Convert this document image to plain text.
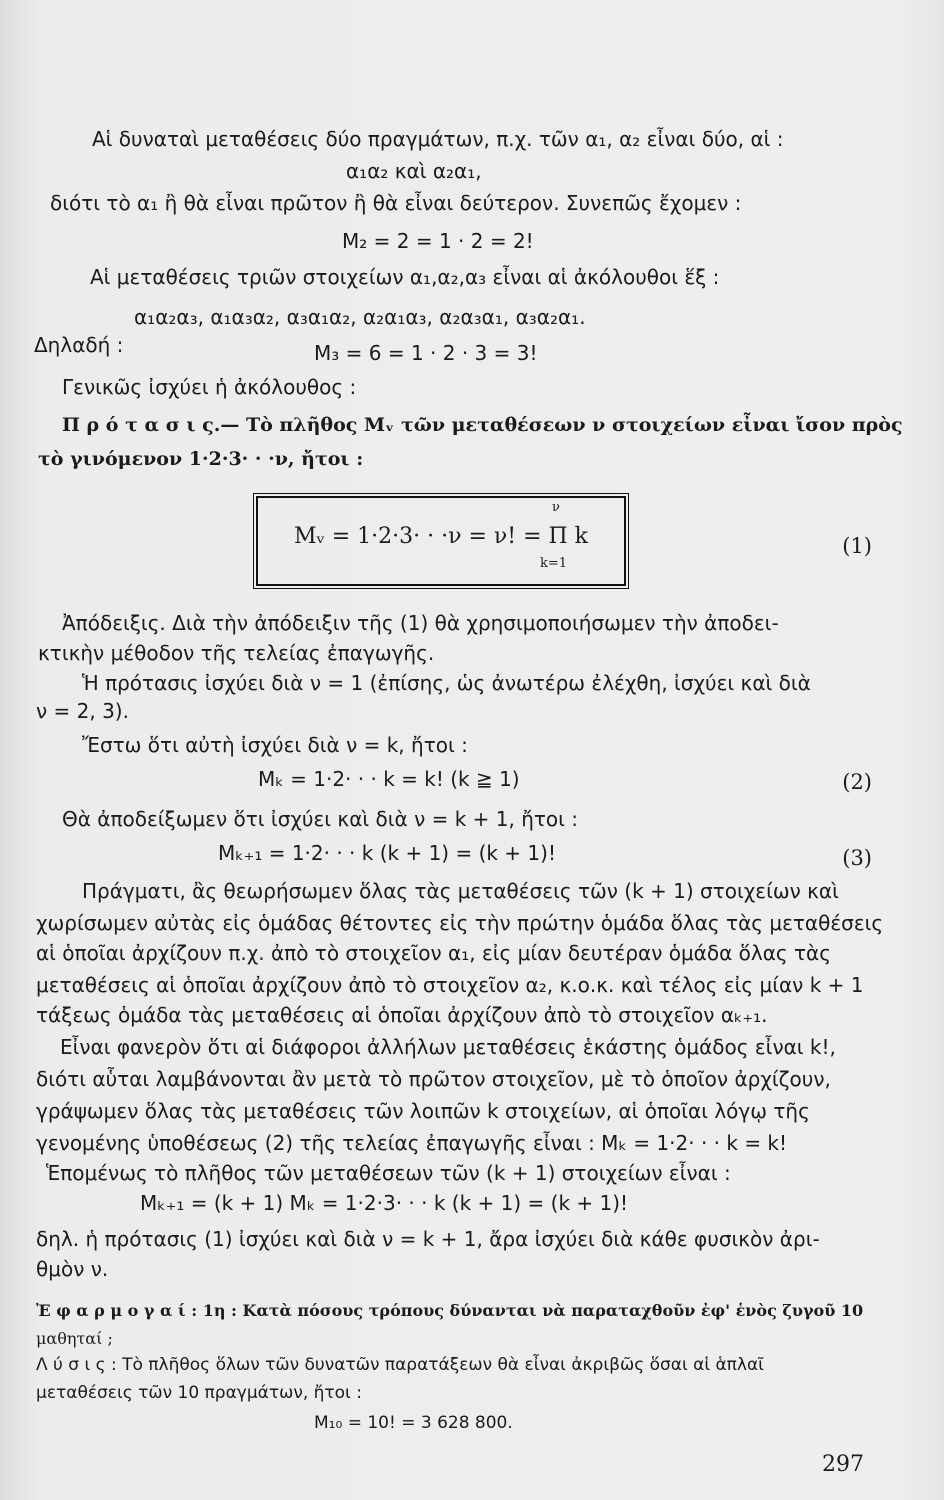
Αἱ δυναταὶ μεταθέσεις δύο πραγμάτων, π.χ. τῶν α₁, α₂ εἶναι δύο, αἱ :
α₁α₂ καὶ α₂α₁,
διότι τὸ α₁ ἢ θὰ εἶναι πρῶτον ἢ θὰ εἶναι δεύτερον. Συνεπῶς ἔχομεν :
M₂ = 2 = 1 · 2 = 2!
Αἱ μεταθέσεις τριῶν στοιχείων α₁,α₂,α₃ εἶναι αἱ ἀκόλουθοι ἕξ :
α₁α₂α₃, α₁α₃α₂, α₃α₁α₂, α₂α₁α₃, α₂α₃α₁, α₃α₂α₁.
Δηλαδή :	M₃ = 6 = 1 · 2 · 3 = 3!
Γενικῶς ἰσχύει ἡ ἀκόλουθος :
Π ρ ό τ α σ ι ς.— Τὸ πλῆθος Mᵥ τῶν μεταθέσεων ν στοιχείων εἶναι ἴσον πρὸς
τὸ γινόμενον 1·2·3· · ·ν, ἤτοι :
ν
Mᵥ = 1·2·3· · ·ν = ν! = Π k
k=1
(1)
Ἀπόδειξις. Διὰ τὴν ἀπόδειξιν τῆς (1) θὰ χρησιμοποιήσωμεν τὴν ἀποδει-
κτικὴν μέθοδον τῆς τελείας ἐπαγωγῆς.
Ἡ πρότασις ἰσχύει διὰ ν = 1 (ἐπίσης, ὡς ἀνωτέρω ἐλέχθη, ἰσχύει καὶ διὰ
ν = 2, 3).
Ἔστω ὅτι αὐτὴ ἰσχύει διὰ ν = k, ἤτοι :
Mₖ = 1·2· · · k = k! (k ≧ 1)	(2)
Θὰ ἀποδείξωμεν ὅτι ἰσχύει καὶ διὰ ν = k + 1, ἤτοι :
Mₖ₊₁ = 1·2· · · k (k + 1) = (k + 1)!	(3)
Πράγματι, ἂς θεωρήσωμεν ὅλας τὰς μεταθέσεις τῶν (k + 1) στοιχείων καὶ
χωρίσωμεν αὐτὰς εἰς ὁμάδας θέτοντες εἰς τὴν πρώτην ὁμάδα ὅλας τὰς μεταθέσεις
αἱ ὁποῖαι ἀρχίζουν π.χ. ἀπὸ τὸ στοιχεῖον α₁, εἰς μίαν δευτέραν ὁμάδα ὅλας τὰς
μεταθέσεις αἱ ὁποῖαι ἀρχίζουν ἀπὸ τὸ στοιχεῖον α₂, κ.ο.κ. καὶ τέλος εἰς μίαν k + 1
τάξεως ὁμάδα τὰς μεταθέσεις αἱ ὁποῖαι ἀρχίζουν ἀπὸ τὸ στοιχεῖον αₖ₊₁.
Εἶναι φανερὸν ὅτι αἱ διάφοροι ἀλλήλων μεταθέσεις ἑκάστης ὁμάδος εἶναι k!,
διότι αὗται λαμβάνονται ἂν μετὰ τὸ πρῶτον στοιχεῖον, μὲ τὸ ὁποῖον ἀρχίζουν,
γράψωμεν ὅλας τὰς μεταθέσεις τῶν λοιπῶν k στοιχείων, αἱ ὁποῖαι λόγῳ τῆς
γενομένης ὑποθέσεως (2) τῆς τελείας ἐπαγωγῆς εἶναι : Mₖ = 1·2· · · k = k!
Ἑπομένως τὸ πλῆθος τῶν μεταθέσεων τῶν (k + 1) στοιχείων εἶναι :
Mₖ₊₁ = (k + 1) Mₖ = 1·2·3· · · k (k + 1) = (k + 1)!
δηλ. ἡ πρότασις (1) ἰσχύει καὶ διὰ ν = k + 1, ἄρα ἰσχύει διὰ κάθε φυσικὸν ἀρι-
θμὸν ν.
Ἐ φ α ρ μ ο γ α ί : 1η : Κατὰ πόσους τρόπους δύνανται νὰ παραταχθοῦν ἐφ' ἑνὸς ζυγοῦ 10
μαθηταί ;
Λ ύ σ ι ς : Τὸ πλῆθος ὅλων τῶν δυνατῶν παρατάξεων θὰ εἶναι ἀκριβῶς ὅσαι αἱ ἁπλαῖ
μεταθέσεις τῶν 10 πραγμάτων, ἤτοι :
M₁₀ = 10! = 3 628 800.
297
